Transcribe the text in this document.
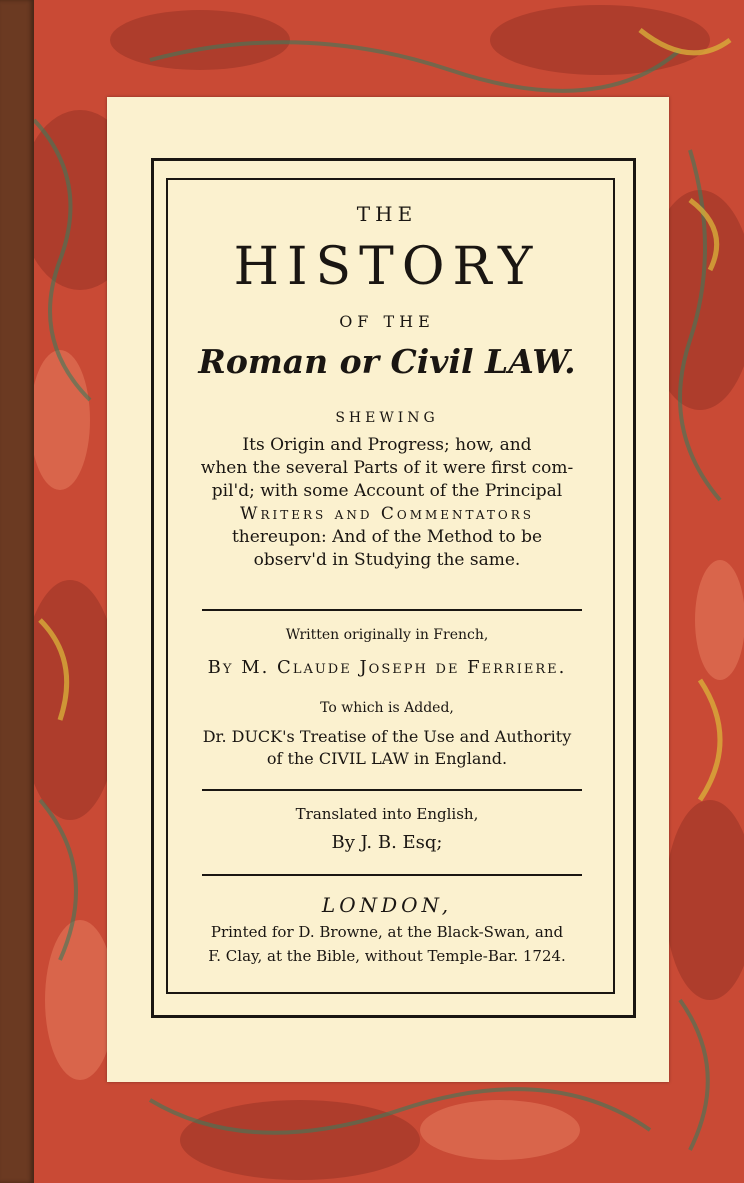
THE
HISTORY
OF THE
Roman or Civil LAW.
SHEWING
Its Origin and Progress; how, and
when the several Parts of it were first com-
pil'd; with some Account of the Principal
Writers and Commentators
thereupon: And of the Method to be
observ'd in Studying the same.
Written originally in French,
By M. Claude Joseph de Ferriere.
To which is Added,
Dr. DUCK's Treatise of the Use and Authority
of the CIVIL LAW in England.
Translated into English,
By J. B. Esq;
LONDON,
Printed for D. Browne, at the Black-Swan, and
F. Clay, at the Bible, without Temple-Bar. 1724.
